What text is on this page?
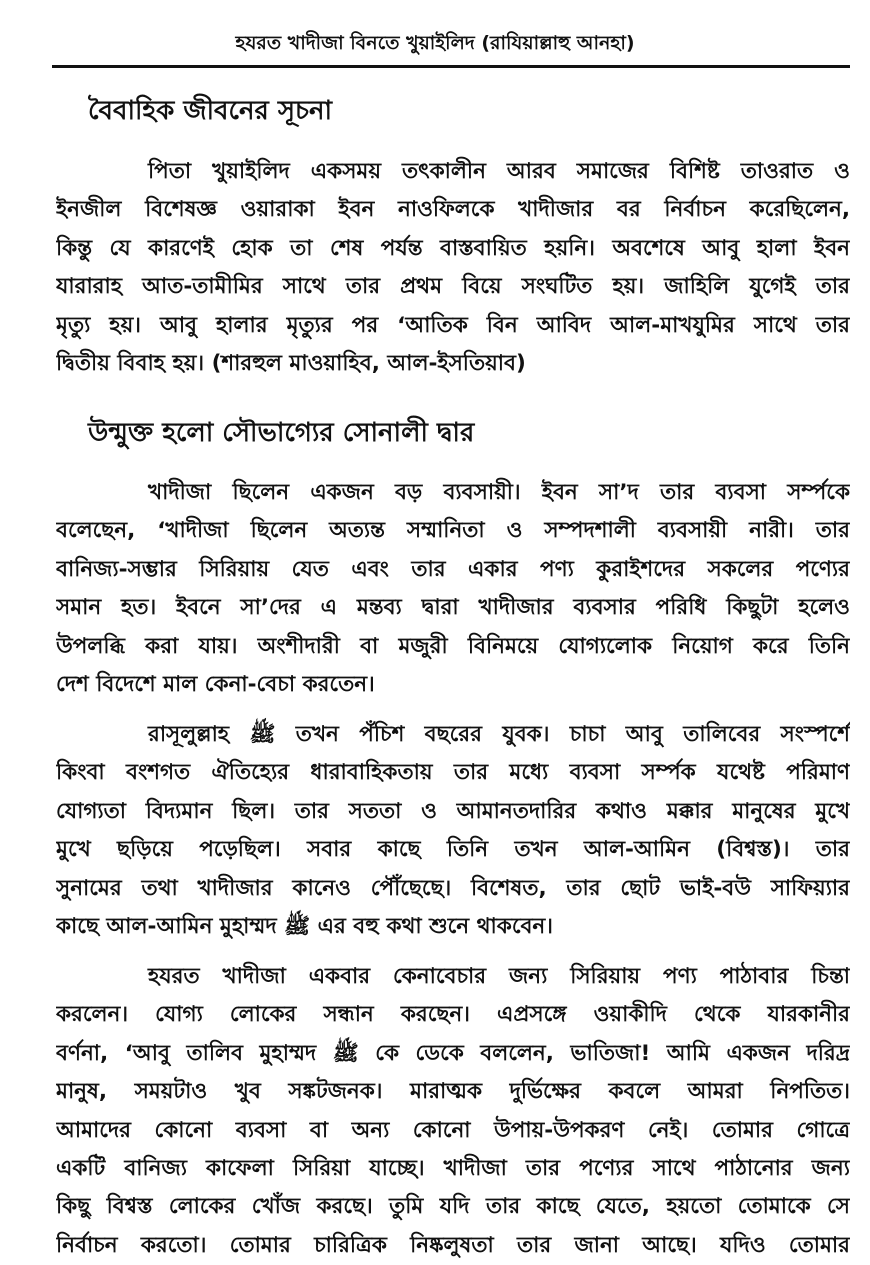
হযরত খাদীজা বিনতে খুয়াইলিদ (রাযিয়াল্লাহু আনহা)
বৈবাহিক জীবনের সূচনা
পিতা খুয়াইলিদ একসময় তৎকালীন আরব সমাজের বিশিষ্ট তাওরাত ও
ইনজীল বিশেষজ্ঞ ওয়ারাকা ইবন নাওফিলকে খাদীজার বর নির্বাচন করেছিলেন,
কিন্তু যে কারণেই হোক তা শেষ পর্যন্ত বাস্তবায়িত হয়নি। অবশেষে আবু হালা ইবন
যারারাহ আত-তামীমির সাথে তার প্রথম বিয়ে সংঘটিত হয়। জাহিলি যুগেই তার
মৃত্যু হয়। আবু হালার মৃত্যুর পর ‘আতিক বিন আবিদ আল-মাখযুমির সাথে তার
দ্বিতীয় বিবাহ হয়। (শারহুল মাওয়াহিব, আল-ইসতিয়াব)
উন্মুক্ত হলো সৌভাগ্যের সোনালী দ্বার
খাদীজা ছিলেন একজন বড় ব্যবসায়ী। ইবন সা’দ তার ব্যবসা সর্ম্পকে
বলেছেন, ‘খাদীজা ছিলেন অত্যন্ত সম্মানিতা ও সম্পদশালী ব্যবসায়ী নারী। তার
বানিজ্য-সম্ভার সিরিয়ায় যেত এবং তার একার পণ্য কুরাইশদের সকলের পণ্যের
সমান হত। ইবনে সা’দের এ মন্তব্য দ্বারা খাদীজার ব্যবসার পরিধি কিছুটা হলেও
উপলব্ধি করা যায়। অংশীদারী বা মজুরী বিনিময়ে যোগ্যলোক নিয়োগ করে তিনি
দেশ বিদেশে মাল কেনা-বেচা করতেন।
রাসূলুল্লাহ ﷺ তখন পঁচিশ বছরের যুবক। চাচা আবু তালিবের সংস্পর্শে
কিংবা বংশগত ঐতিহ্যের ধারাবাহিকতায় তার মধ্যে ব্যবসা সর্ম্পক যথেষ্ট পরিমাণ
যোগ্যতা বিদ্যমান ছিল। তার সততা ও আমানতদারির কথাও মক্কার মানুষের মুখে
মুখে ছড়িয়ে পড়েছিল। সবার কাছে তিনি তখন আল-আমিন (বিশ্বস্ত)। তার
সুনামের তথা খাদীজার কানেও পৌঁছেছে। বিশেষত, তার ছোট ভাই-বউ সাফিয়্যার
কাছে আল-আমিন মুহাম্মদ ﷺ এর বহু কথা শুনে থাকবেন।
হযরত খাদীজা একবার কেনাবেচার জন্য সিরিয়ায় পণ্য পাঠাবার চিন্তা
করলেন। যোগ্য লোকের সন্ধান করছেন। এপ্রসঙ্গে ওয়াকীদি থেকে যারকানীর
বর্ণনা, ‘আবু তালিব মুহাম্মদ ﷺ কে ডেকে বললেন, ভাতিজা! আমি একজন দরিদ্র
মানুষ, সময়টাও খুব সঙ্কটজনক। মারাত্মক দুর্ভিক্ষের কবলে আমরা নিপতিত।
আমাদের কোনো ব্যবসা বা অন্য কোনো উপায়-উপকরণ নেই। তোমার গোত্রে
একটি বানিজ্য কাফেলা সিরিয়া যাচ্ছে। খাদীজা তার পণ্যের সাথে পাঠানোর জন্য
কিছু বিশ্বস্ত লোকের খোঁজ করছে। তুমি যদি তার কাছে যেতে, হয়তো তোমাকে সে
নির্বাচন করতো। তোমার চারিত্রিক নিষ্কলুষতা তার জানা আছে। যদিও তোমার
